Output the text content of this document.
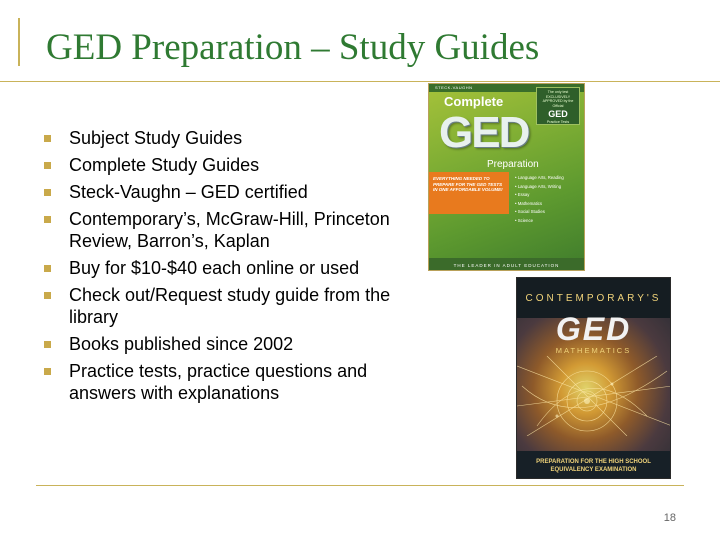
GED Preparation – Study Guides
Subject Study Guides
Complete Study Guides
Steck-Vaughn – GED certified
Contemporary’s, McGraw-Hill, Princeton Review, Barron’s, Kaplan
Buy for $10-$40 each online or used
Check out/Request study guide from the library
Books published since 2002
Practice tests, practice questions and answers with explanations
STECK-VAUGHN
Complete
GED
Preparation
The only test
EXCLUSIVELY
APPROVED by the Official
GED
Practice Tests
EVERYTHING NEEDED TO PREPARE FOR THE GED TESTS IN ONE AFFORDABLE VOLUME!
• Language Arts, Reading
• Language Arts, Writing
• Essay
• Mathematics
• Social Studies
• Science
THE LEADER IN ADULT EDUCATION
CONTEMPORARY'S
GED
MATHEMATICS
PREPARATION FOR THE HIGH SCHOOL
EQUIVALENCY EXAMINATION
18
